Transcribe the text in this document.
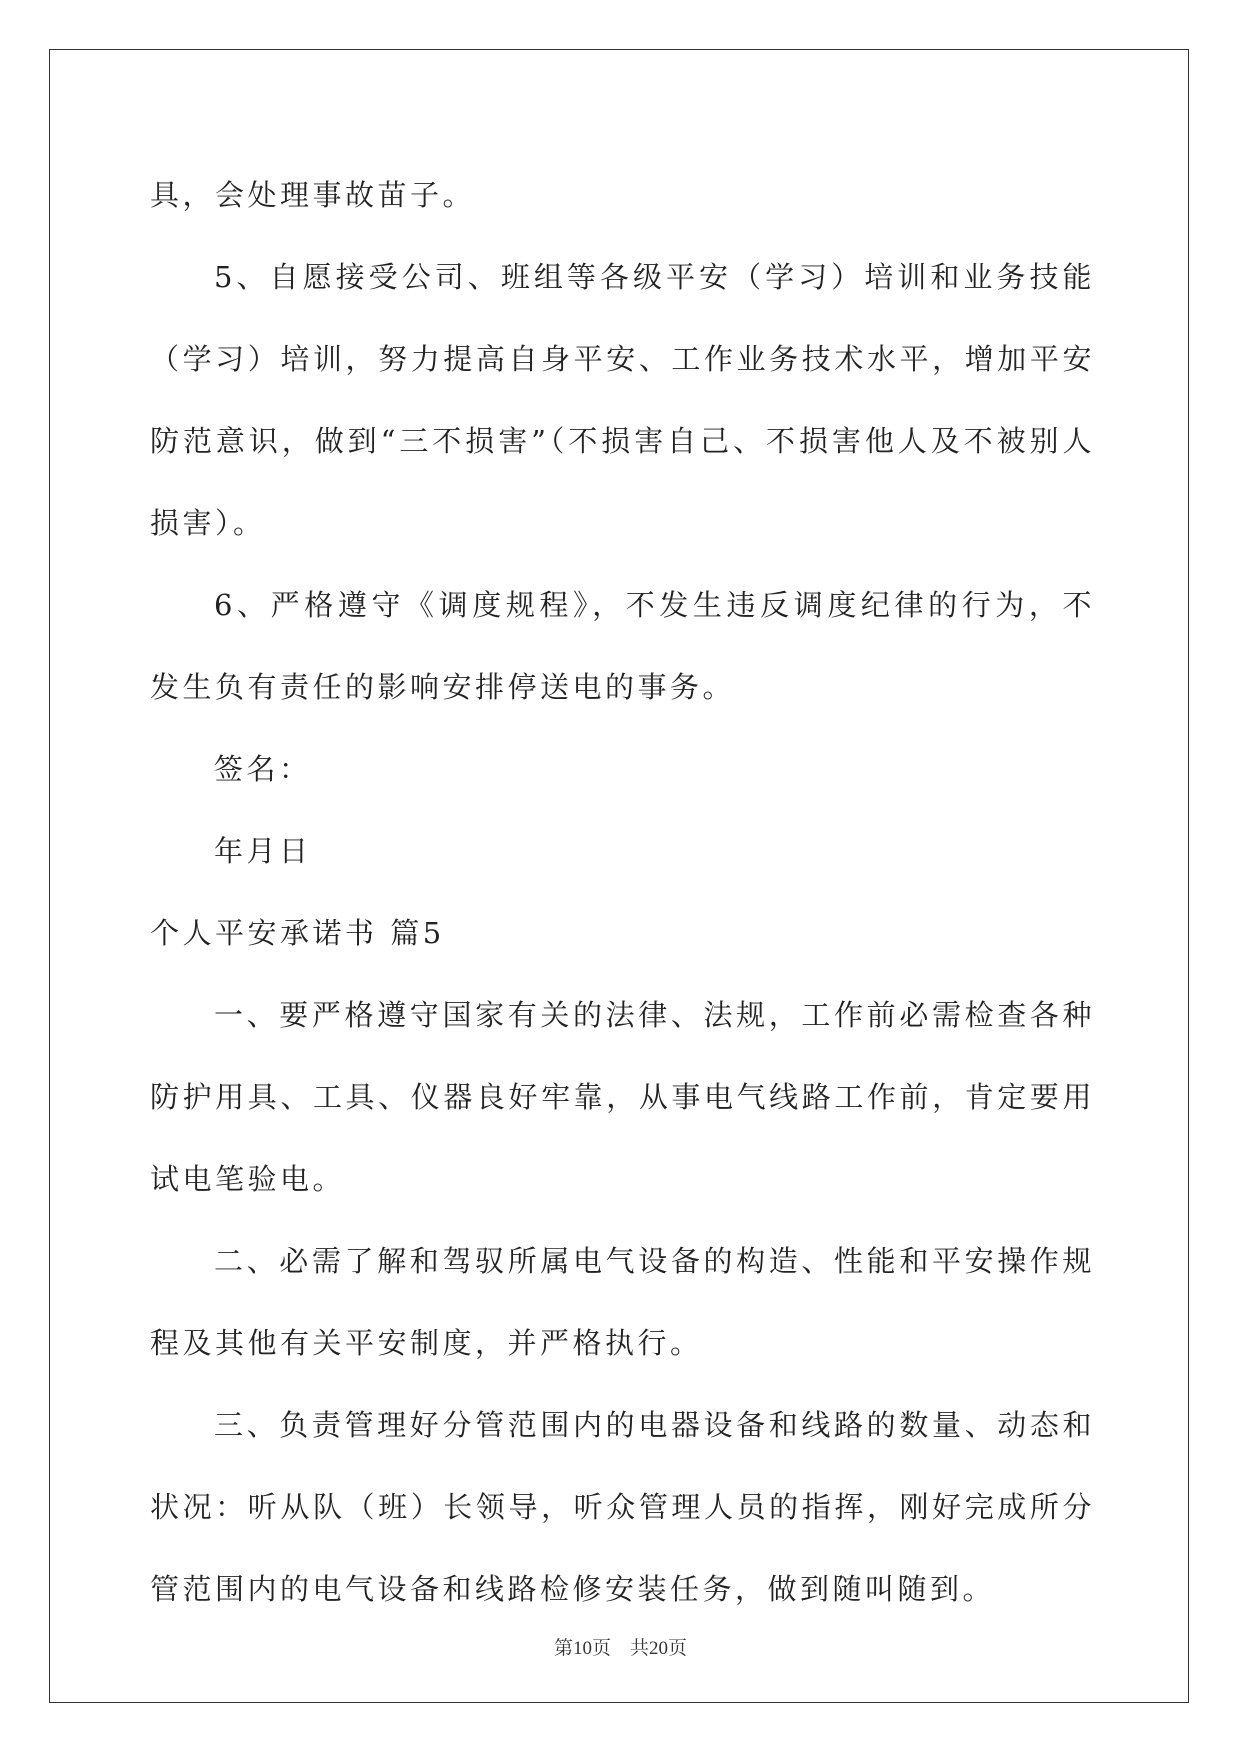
具，会处理事故苗子。

5、自愿接受公司、班组等各级平安（学习）培训和业务技能（学习）培训，努力提高自身平安、工作业务技术水平，增加平安防范意识，做到“三不损害”（不损害自己、不损害他人及不被别人损害）。

6、严格遵守《调度规程》，不发生违反调度纪律的行为，不发生负有责任的影响安排停送电的事务。

签名：

年月日

个人平安承诺书 篇5

一、要严格遵守国家有关的法律、法规，工作前必需检查各种防护用具、工具、仪器良好牢靠，从事电气线路工作前，肯定要用试电笔验电。

二、必需了解和驾驭所属电气设备的构造、性能和平安操作规程及其他有关平安制度，并严格执行。

三、负责管理好分管范围内的电器设备和线路的数量、动态和状况：听从队（班）长领导，听众管理人员的指挥，刚好完成所分管范围内的电气设备和线路检修安装任务，做到随叫随到。

第10页　共20页
